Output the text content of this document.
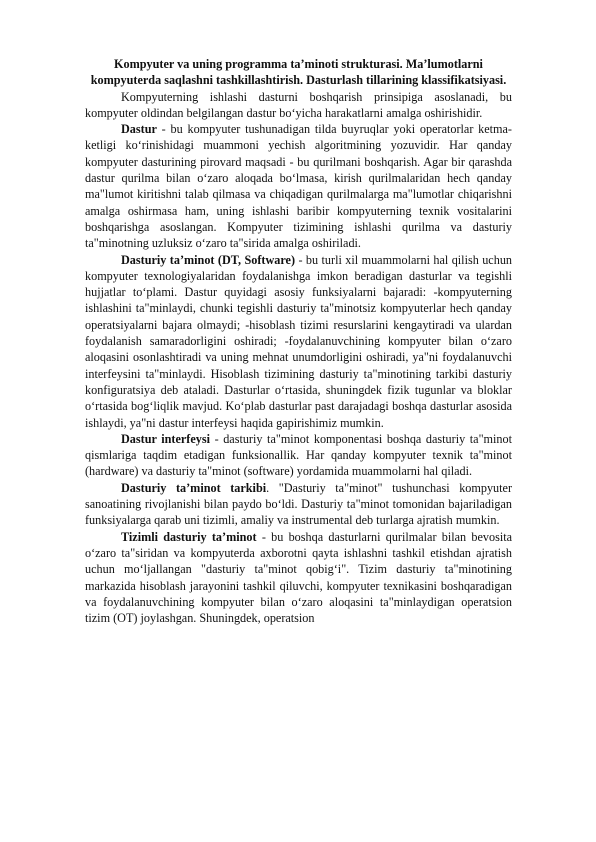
Kompyuter va uning programma ta’minoti strukturasi. Ma’lumotlarni kompyuterda saqlashni tashkillashtirish. Dasturlash tillarining klassifikatsiyasi.

Kompyuterning ishlashi dasturni boshqarish prinsipiga asoslanadi, bu kompyuter oldindan belgilangan dastur bo‘yicha harakatlarni amalga oshirishidir.

Dastur - bu kompyuter tushunadigan tilda buyruqlar yoki operatorlar ketma-ketligi ko‘rinishidagi muammoni yechish algoritmining yozuvidir. Har qanday kompyuter dasturining pirovard maqsadi - bu qurilmani boshqarish. Agar bir qarashda dastur qurilma bilan o‘zaro aloqada bo‘lmasa, kirish qurilmalaridan hech qanday ma"lumot kiritishni talab qilmasa va chiqadigan qurilmalarga ma"lumotlar chiqarishni amalga oshirmasa ham, uning ishlashi baribir kompyuterning texnik vositalarini boshqarishga asoslangan. Kompyuter tizimining ishlashi qurilma va dasturiy ta"minotning uzluksiz o‘zaro ta"sirida amalga oshiriladi.

Dasturiy ta’minot (DT, Software) - bu turli xil muammolarni hal qilish uchun kompyuter texnologiyalaridan foydalanishga imkon beradigan dasturlar va tegishli hujjatlar to‘plami. Dastur quyidagi asosiy funksiyalarni bajaradi: -kompyuterning ishlashini ta"minlaydi, chunki tegishli dasturiy ta"minotsiz kompyuterlar hech qanday operatsiyalarni bajara olmaydi; -hisoblash tizimi resurslarini kengaytiradi va ulardan foydalanish samaradorligini oshiradi; -foydalanuvchining kompyuter bilan o‘zaro aloqasini osonlashtiradi va uning mehnat unumdorligini oshiradi, ya"ni foydalanuvchi interfeysini ta"minlaydi. Hisoblash tizimining dasturiy ta"minotining tarkibi dasturiy konfiguratsiya deb ataladi. Dasturlar o‘rtasida, shuningdek fizik tugunlar va bloklar o‘rtasida bog‘liqlik mavjud. Ko‘plab dasturlar past darajadagi boshqa dasturlar asosida ishlaydi, ya"ni dastur interfeysi haqida gapirishimiz mumkin.

Dastur interfeysi - dasturiy ta"minot komponentasi boshqa dasturiy ta"minot qismlariga taqdim etadigan funksionallik. Har qanday kompyuter texnik ta"minot (hardware) va dasturiy ta"minot (software) yordamida muammolarni hal qiladi.

Dasturiy ta’minot tarkibi. "Dasturiy ta"minot" tushunchasi kompyuter sanoatining rivojlanishi bilan paydo bo‘ldi. Dasturiy ta"minot tomonidan bajariladigan funksiyalarga qarab uni tizimli, amaliy va instrumental deb turlarga ajratish mumkin.

Tizimli dasturiy ta’minot - bu boshqa dasturlarni qurilmalar bilan bevosita o‘zaro ta"siridan va kompyuterda axborotni qayta ishlashni tashkil etishdan ajratish uchun mo‘ljallangan "dasturiy ta"minot qobig‘i". Tizim dasturiy ta"minotining markazida hisoblash jarayonini tashkil qiluvchi, kompyuter texnikasini boshqaradigan va foydalanuvchining kompyuter bilan o‘zaro aloqasini ta"minlaydigan operatsion tizim (OT) joylashgan. Shuningdek, operatsion
